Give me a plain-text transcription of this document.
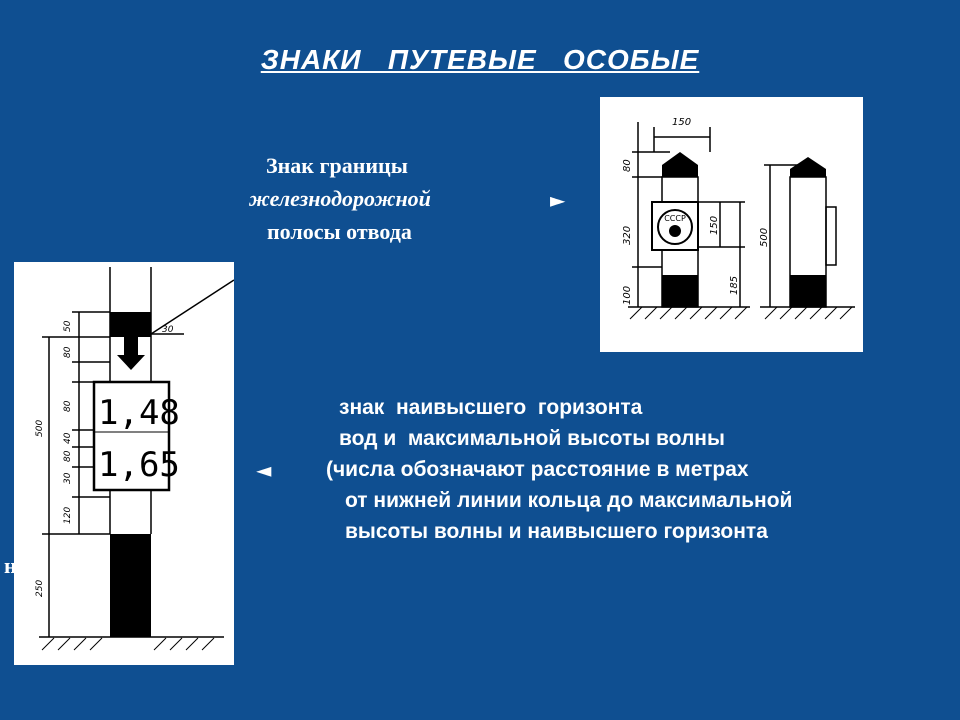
ЗНАКИ   ПУТЕВЫЕ   ОСОБЫЕ
Знак границы
железнодорожной
полосы отвода
►
СССР
150
80
320
100
150
185
500
1,48
1,65
50	30
80
500
80
40
80
30
120
250
н
◄
знак  наивысшего  горизонта
вод и  максимальной высоты волны
(числа обозначают расстояние в метрах
от нижней линии кольца до максимальной
высоты волны и наивысшего горизонта
